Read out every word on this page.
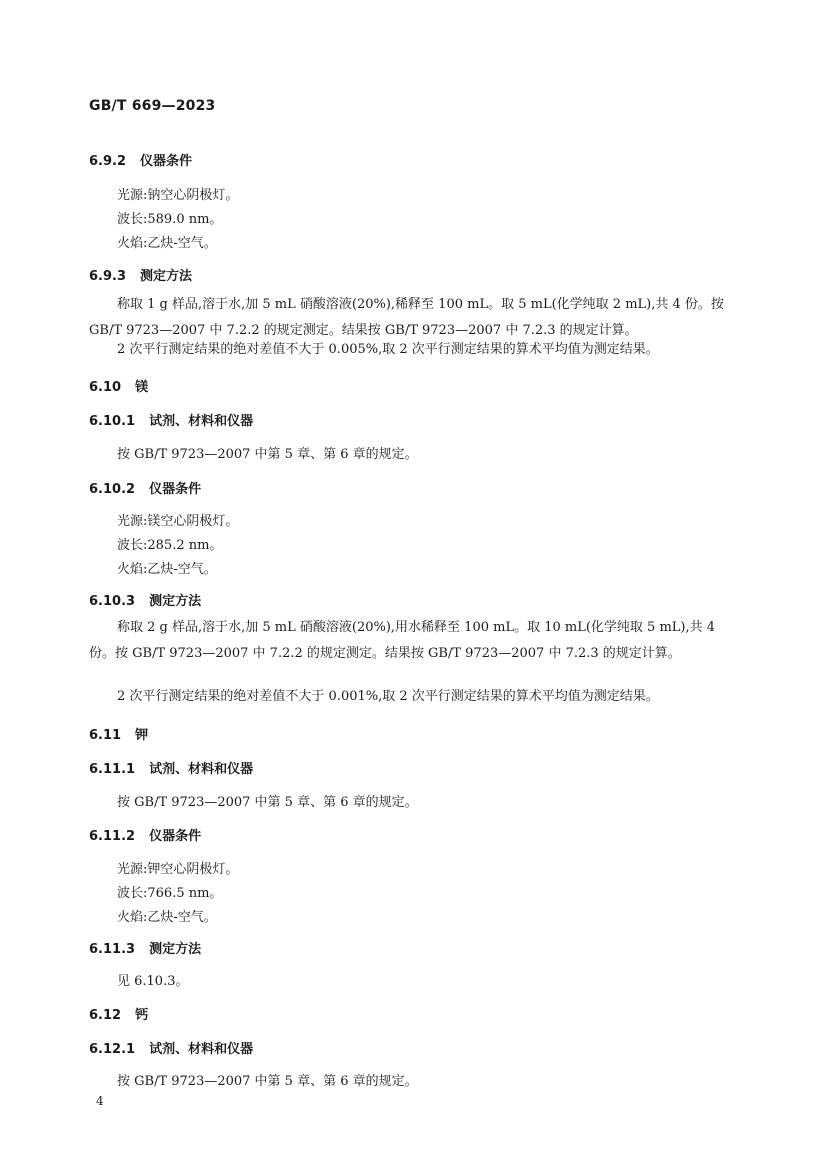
GB/T 669—2023
6.9.2 仪器条件
光源:钠空心阴极灯。
波长:589.0 nm。
火焰:乙炔-空气。
6.9.3 测定方法
称取 1 g 样品,溶于水,加 5 mL 硝酸溶液(20%),稀释至 100 mL。取 5 mL(化学纯取 2 mL),共 4 份。按 GB/T 9723—2007 中 7.2.2 的规定测定。结果按 GB/T 9723—2007 中 7.2.3 的规定计算。
2 次平行测定结果的绝对差值不大于 0.005%,取 2 次平行测定结果的算术平均值为测定结果。
6.10 镁
6.10.1 试剂、材料和仪器
按 GB/T 9723—2007 中第 5 章、第 6 章的规定。
6.10.2 仪器条件
光源:镁空心阴极灯。
波长:285.2 nm。
火焰:乙炔-空气。
6.10.3 测定方法
称取 2 g 样品,溶于水,加 5 mL 硝酸溶液(20%),用水稀释至 100 mL。取 10 mL(化学纯取 5 mL),共 4 份。按 GB/T 9723—2007 中 7.2.2 的规定测定。结果按 GB/T 9723—2007 中 7.2.3 的规定计算。
2 次平行测定结果的绝对差值不大于 0.001%,取 2 次平行测定结果的算术平均值为测定结果。
6.11 钾
6.11.1 试剂、材料和仪器
按 GB/T 9723—2007 中第 5 章、第 6 章的规定。
6.11.2 仪器条件
光源:钾空心阴极灯。
波长:766.5 nm。
火焰:乙炔-空气。
6.11.3 测定方法
见 6.10.3。
6.12 钙
6.12.1 试剂、材料和仪器
按 GB/T 9723—2007 中第 5 章、第 6 章的规定。
4
